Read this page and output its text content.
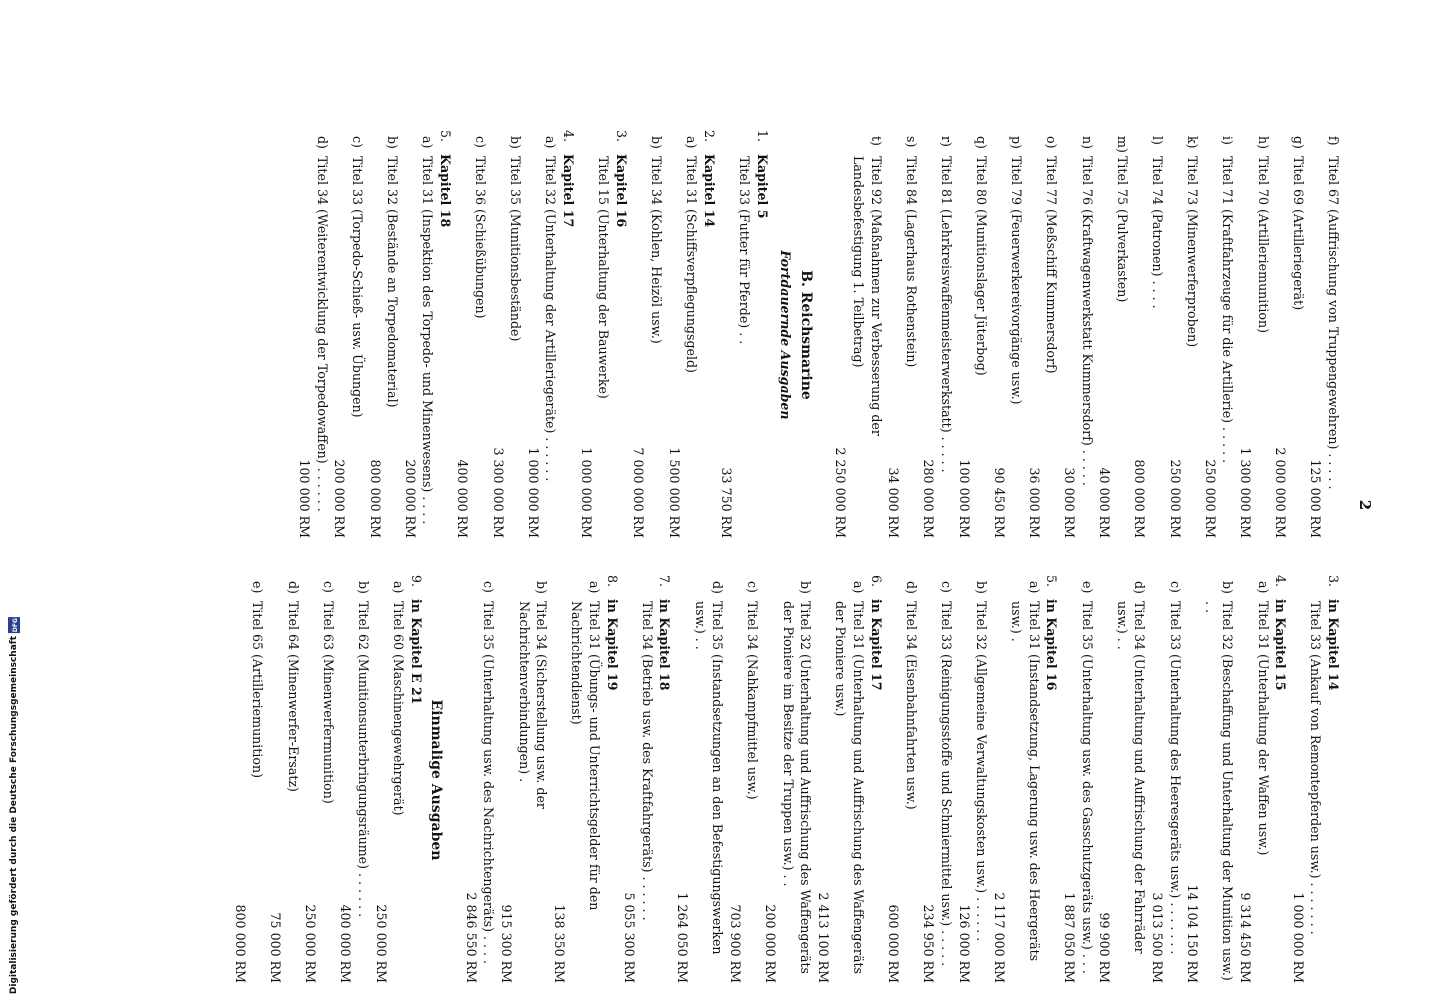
2
3.
in Kapitel 14
Titel 33 (Ankauf von Remontepferden usw.) . . . . . . .
1 000 000 RM
4.
in Kapitel 15
a)
Titel 31 (Unterhaltung der Waffen usw.)
9 314 450 RM
b)
Titel 32 (Beschaffung und Unterhaltung der Munition usw.) . .
14 104 150 RM
c)
Titel 33 (Unterhaltung des Heeresgeräts usw.) . . . . . . .
3 013 500 RM
d)
Titel 34 (Unterhaltung und Auffrischung der Fahrräder usw.) . .
99 900 RM
e)
Titel 35 (Unterhaltung usw. des Gasschutzgeräts usw.) . . .
1 887 050 RM
5.
in Kapitel 16
a)
Titel 31 (Instandsetzung, Lagerung usw. des Heergeräts usw.) .
2 117 000 RM
b)
Titel 32 (Allgemeine Verwaltungskosten usw.) . . . . . .
126 000 RM
c)
Titel 33 (Reinigungsstoffe und Schmiermittel usw.) . . . . .
234 950 RM
d)
Titel 34 (Eisenbahnfahrten usw.)
600 000 RM
6.
in Kapitel 17
a)
Titel 31 (Unterhaltung und Auffrischung des Waffengeräts der Pioniere usw.)
2 413 100 RM
b)
Titel 32 (Unterhaltung und Auffrischung des Waffengeräts der Pioniere im Besitze der Truppen usw.) . .
200 000 RM
c)
Titel 34 (Nahkampfmittel usw.)
703 900 RM
d)
Titel 35 (Instandsetzungen an den Befestigungswerken usw.) . .
1 264 050 RM
7.
in Kapitel 18
Titel 34 (Betrieb usw. des Kraftfahrgeräts) . . . . . .
5 055 300 RM
8.
in Kapitel 19
a)
Titel 31 (Übungs- und Unterrichtsgelder für den Nachrichtendienst)
138 350 RM
b)
Titel 34 (Sicherstellung usw. der Nachrichtenverbindungen) .
915 300 RM
c)
Titel 35 (Unterhaltung usw. des Nachrichtengeräts) . . . .
2 846 550 RM
Einmalige Ausgaben
9.
in Kapitel E 21
a)
Titel 60 (Maschinengewehrgerät)
250 000 RM
b)
Titel 62 (Munitionsunterbringungsräume) . . . . . .
400 000 RM
c)
Titel 63 (Minenwerfermunition)
250 000 RM
d)
Titel 64 (Minenwerfer-Ersatz)
75 000 RM
e)
Titel 65 (Artilleriemunition)
800 000 RM
f)
Titel 67 (Auffrischung von Truppengewehren) . . . . .
125 000 RM
g)
Titel 69 (Artilleriegerät)
2 000 000 RM
h)
Titel 70 (Artilleriemunition)
1 300 000 RM
i)
Titel 71 (Kraftfahrzeuge für die Artillerie) . . . . .
250 000 RM
k)
Titel 73 (Minenwerferproben)
250 000 RM
l)
Titel 74 (Patronen) . . . .
800 000 RM
m)
Titel 75 (Pulverkasten)
40 000 RM
n)
Titel 76 (Kraftwagenwerkstatt Kummersdorf) . . . . .
30 000 RM
o)
Titel 77 (Meßschiff Kummersdorf)
36 000 RM
p)
Titel 79 (Feuerwerkereivorgänge usw.)
90 450 RM
q)
Titel 80 (Munitionslager Jüterbog)
100 000 RM
r)
Titel 81 (Lehrkreiswaffenmeisterwerkstatt) . . . . .
280 000 RM
s)
Titel 84 (Lagerhaus Rothenstein)
34 000 RM
t)
Titel 92 (Maßnahmen zur Verbesserung der Landesbefestigung 1. Teilbetrag)
2 250 000 RM
B. Reichsmarine
Fortdauernde Ausgaben
1.
Kapitel 5
Titel 33 (Futter für Pferde) . .
33 750 RM
2.
Kapitel 14
a)
Titel 31 (Schiffsverpflegungsgeld)
1 500 000 RM
b)
Titel 34 (Kohlen, Heizöl usw.)
7 000 000 RM
3.
Kapitel 16
Titel 15 (Unterhaltung der Bauwerke)
1 000 000 RM
4.
Kapitel 17
a)
Titel 32 (Unterhaltung der Artilleriegeräte) . . . . . .
1 000 000 RM
b)
Titel 35 (Munitionsbestände)
3 300 000 RM
c)
Titel 36 (Schießübungen)
400 000 RM
5.
Kapitel 18
a)
Titel 31 (Inspektion des Torpedo- und Minenwesens) . . . .
200 000 RM
b)
Titel 32 (Bestände an Torpedomaterial)
800 000 RM
c)
Titel 33 (Torpedo-Schieß- usw. Übungen)
200 000 RM
d)
Titel 34 (Weiterentwicklung der Torpedowaffen) . . . . . .
100 000 RM
Digitalisierung gefördert durch die Deutsche Forschungsgemeinschaft
DFG
